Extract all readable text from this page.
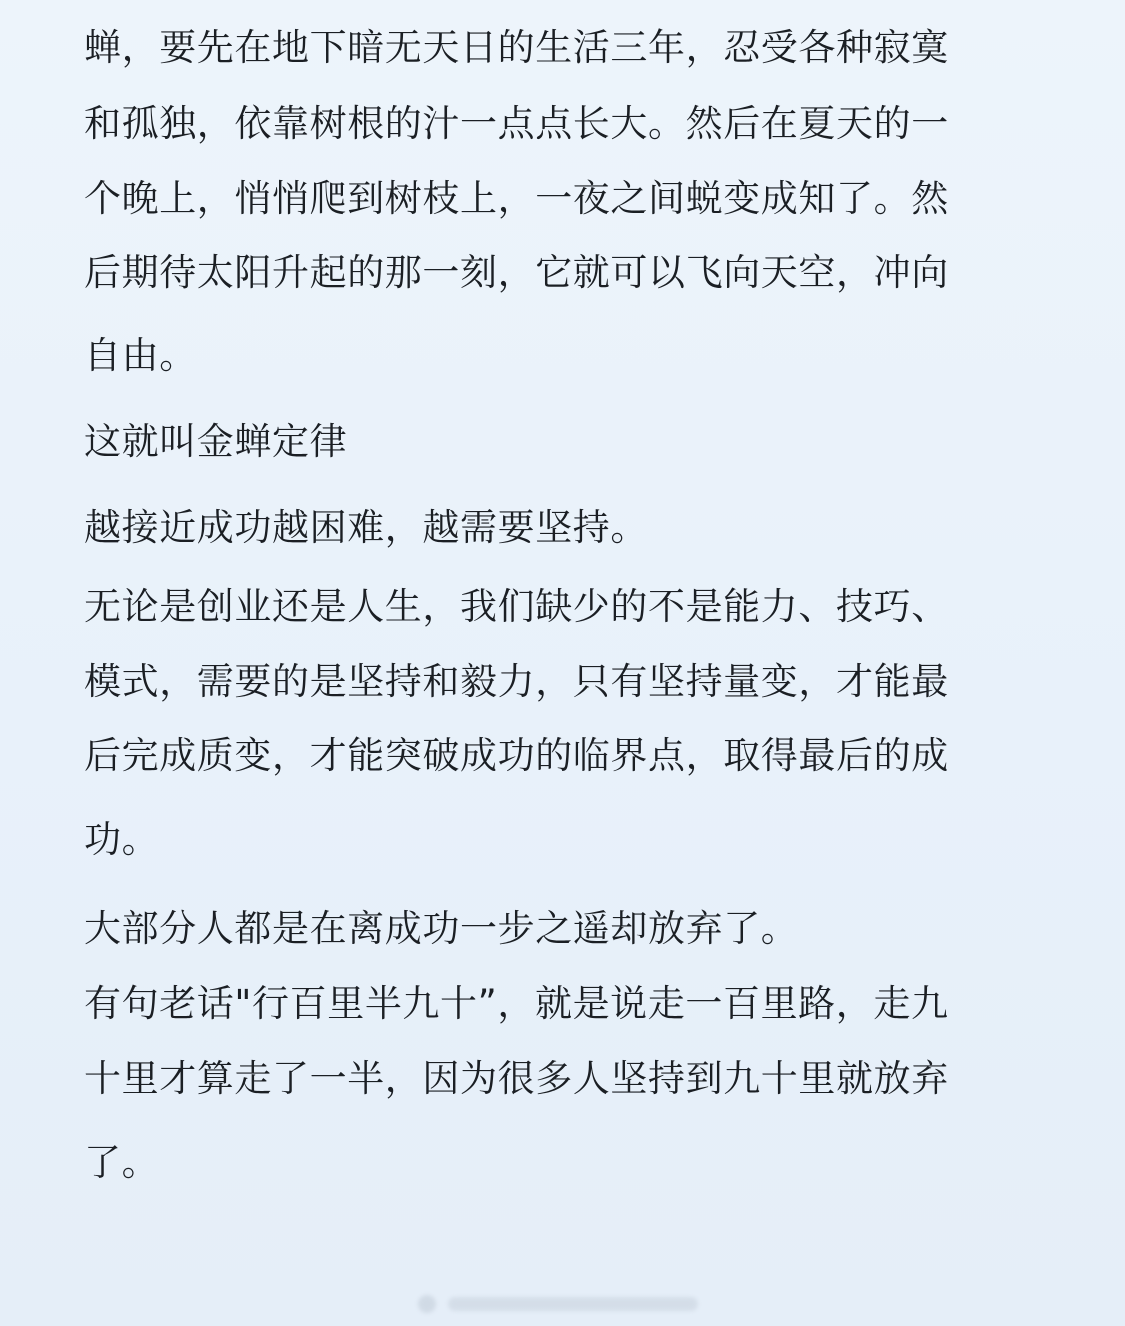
蝉，要先在地下暗无天日的生活三年，忍受各种寂寞
和孤独，依靠树根的汁一点点长大。然后在夏天的一
个晚上，悄悄爬到树枝上，一夜之间蜕变成知了。然
后期待太阳升起的那一刻，它就可以飞向天空，冲向
自由。
这就叫金蝉定律
越接近成功越困难，越需要坚持。
无论是创业还是人生，我们缺少的不是能力、技巧、
模式，需要的是坚持和毅力，只有坚持量变，才能最
后完成质变，才能突破成功的临界点，取得最后的成
功。
大部分人都是在离成功一步之遥却放弃了。
有句老话"行百里半九十”，就是说走一百里路，走九
十里才算走了一半，因为很多人坚持到九十里就放弃
了。
